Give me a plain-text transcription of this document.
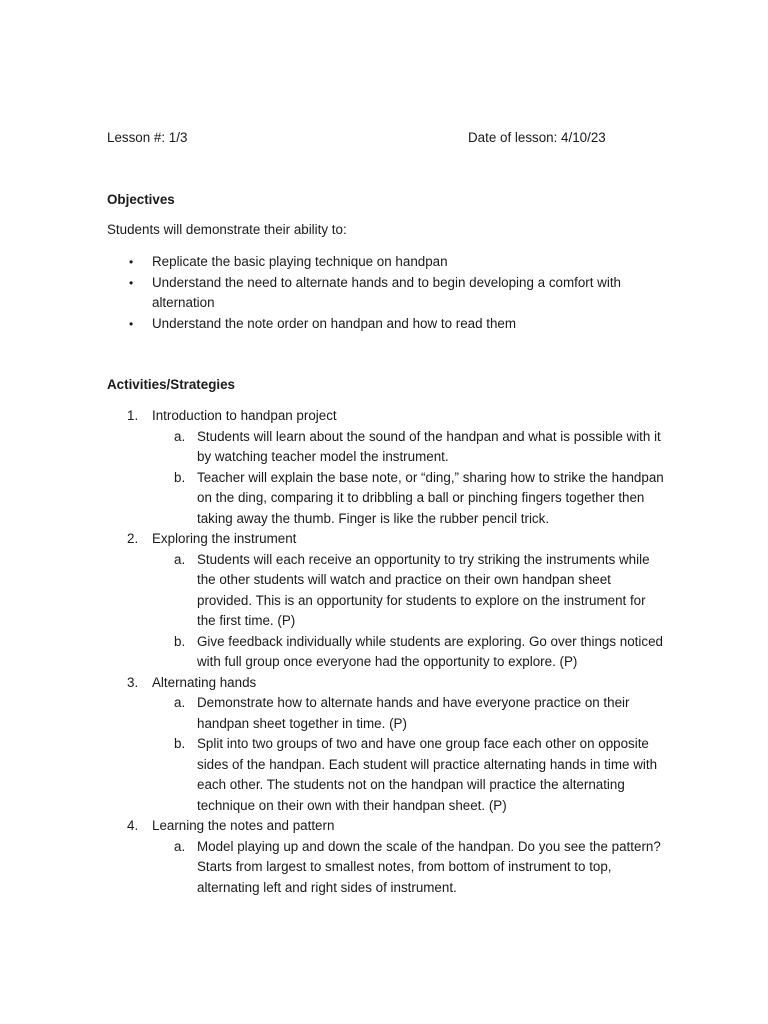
Lesson #: 1/3	Date of lesson: 4/10/23
Objectives
Students will demonstrate their ability to:
• Replicate the basic playing technique on handpan
• Understand the need to alternate hands and to begin developing a comfort with alternation
• Understand the note order on handpan and how to read them
Activities/Strategies
1. Introduction to handpan project
a. Students will learn about the sound of the handpan and what is possible with it by watching teacher model the instrument.
b. Teacher will explain the base note, or “ding,” sharing how to strike the handpan on the ding, comparing it to dribbling a ball or pinching fingers together then taking away the thumb. Finger is like the rubber pencil trick.
2. Exploring the instrument
a. Students will each receive an opportunity to try striking the instruments while the other students will watch and practice on their own handpan sheet provided. This is an opportunity for students to explore on the instrument for the first time. (P)
b. Give feedback individually while students are exploring. Go over things noticed with full group once everyone had the opportunity to explore. (P)
3. Alternating hands
a. Demonstrate how to alternate hands and have everyone practice on their handpan sheet together in time. (P)
b. Split into two groups of two and have one group face each other on opposite sides of the handpan. Each student will practice alternating hands in time with each other. The students not on the handpan will practice the alternating technique on their own with their handpan sheet. (P)
4. Learning the notes and pattern
a. Model playing up and down the scale of the handpan. Do you see the pattern? Starts from largest to smallest notes, from bottom of instrument to top, alternating left and right sides of instrument.
